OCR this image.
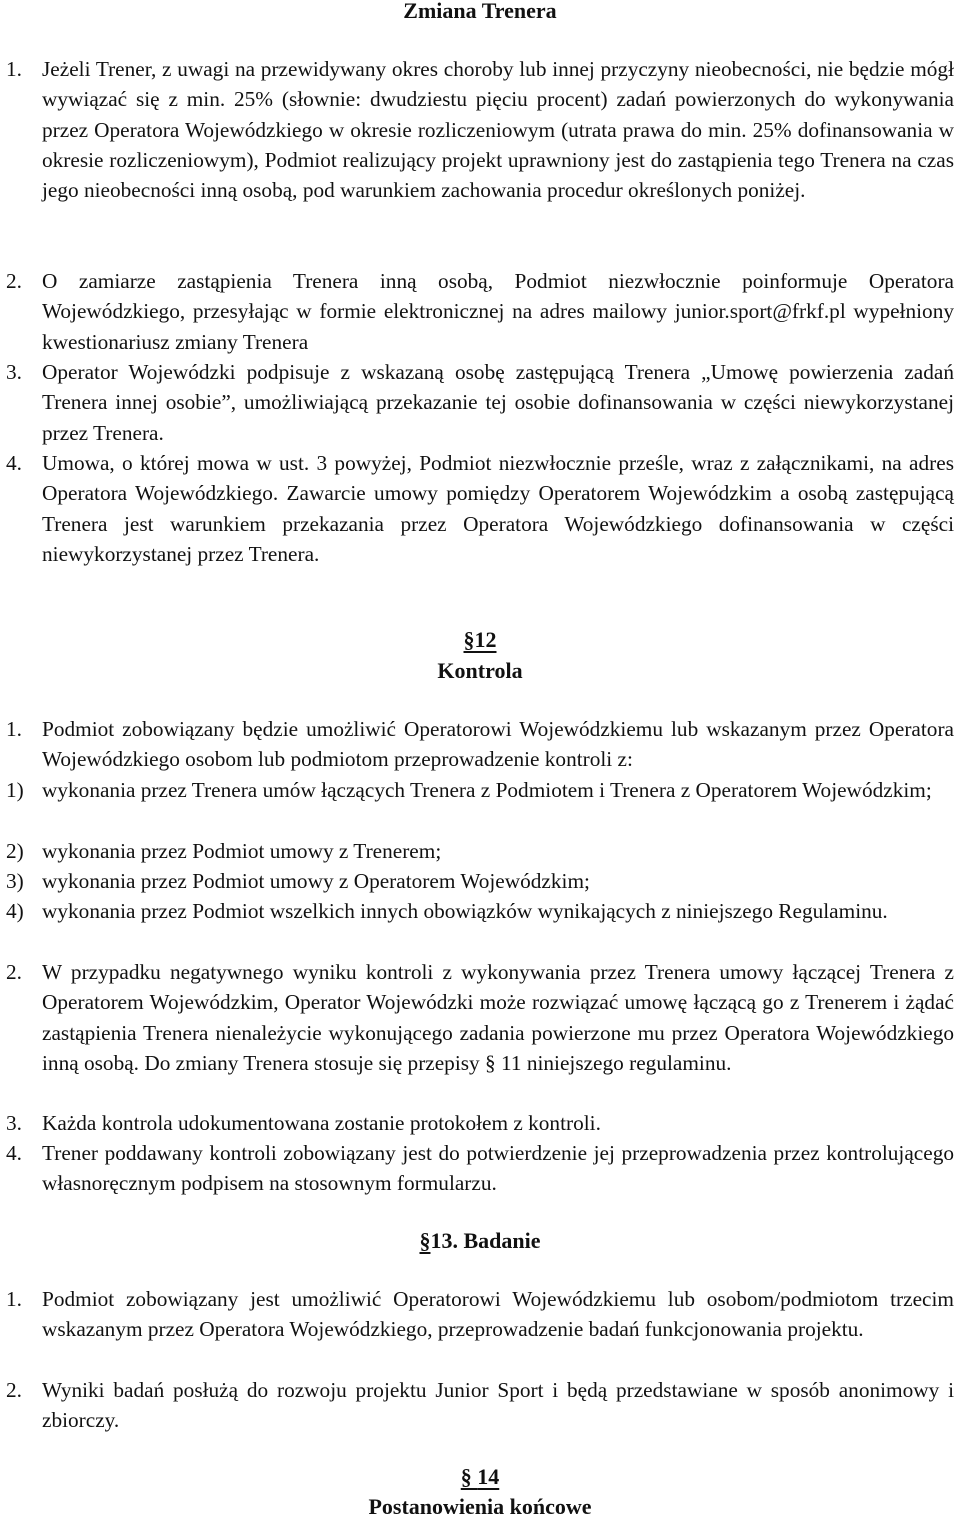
Zmiana Trenera
1. Jeżeli Trener, z uwagi na przewidywany okres choroby lub innej przyczyny nieobecności, nie będzie mógł wywiązać się z min. 25% (słownie: dwudziestu pięciu procent) zadań powierzonych do wykonywania przez Operatora Wojewódzkiego w okresie rozliczeniowym (utrata prawa do min. 25% dofinansowania w okresie rozliczeniowym), Podmiot realizujący projekt uprawniony jest do zastąpienia tego Trenera na czas jego nieobecności inną osobą, pod warunkiem zachowania procedur określonych poniżej.

2. O zamiarze zastąpienia Trenera inną osobą, Podmiot niezwłocznie poinformuje Operatora Wojewódzkiego, przesyłając w formie elektronicznej na adres mailowy junior.sport@frkf.pl wypełniony kwestionariusz zmiany Trenera

3. Operator Wojewódzki podpisuje z wskazaną osobę zastępującą Trenera „Umowę powierzenia zadań Trenera innej osobie”, umożliwiającą przekazanie tej osobie dofinansowania w części niewykorzystanej przez Trenera.

4. Umowa, o której mowa w ust. 3 powyżej, Podmiot niezwłocznie prześle, wraz z załącznikami, na adres Operatora Wojewódzkiego. Zawarcie umowy pomiędzy Operatorem Wojewódzkim a osobą zastępującą Trenera jest warunkiem przekazania przez Operatora Wojewódzkiego dofinansowania w części niewykorzystanej przez Trenera.

§12
Kontrola
1. Podmiot zobowiązany będzie umożliwić Operatorowi Wojewódzkiemu lub wskazanym przez Operatora Wojewódzkiego osobom lub podmiotom przeprowadzenie kontroli z:

1) wykonania przez Trenera umów łączących Trenera z Podmiotem i Trenera z Operatorem Wojewódzkim;

2) wykonania przez Podmiot umowy z Trenerem;

3) wykonania przez Podmiot umowy z Operatorem Wojewódzkim;

4) wykonania przez Podmiot wszelkich innych obowiązków wynikających z niniejszego Regulaminu.

2. W przypadku negatywnego wyniku kontroli z wykonywania przez Trenera umowy łączącej Trenera z Operatorem Wojewódzkim, Operator Wojewódzki może rozwiązać umowę łączącą go z Trenerem i żądać zastąpienia Trenera nienależycie wykonującego zadania powierzone mu przez Operatora Wojewódzkiego inną osobą. Do zmiany Trenera stosuje się przepisy § 11 niniejszego regulaminu.

3. Każda kontrola udokumentowana zostanie protokołem z kontroli.

4. Trener poddawany kontroli zobowiązany jest do potwierdzenie jej przeprowadzenia przez kontrolującego własnoręcznym podpisem na stosownym formularzu.

§13. Badanie
1. Podmiot zobowiązany jest umożliwić Operatorowi Wojewódzkiemu lub osobom/podmiotom trzecim wskazanym przez Operatora Wojewódzkiego, przeprowadzenie badań funkcjonowania projektu.

2. Wyniki badań posłużą do rozwoju projektu Junior Sport i będą przedstawiane w sposób anonimowy i zbiorczy.

§ 14
Postanowienia końcowe
